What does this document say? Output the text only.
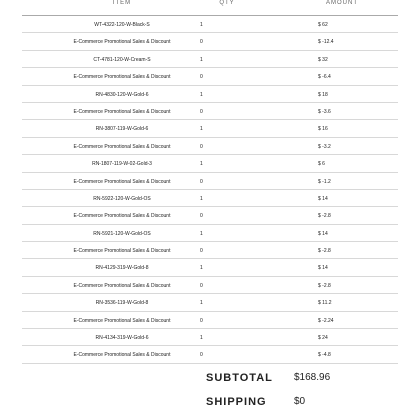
ITEM	QTY	AMOUNT
WT-4322-120-W-Black-S	1	$ 62
E-Commerce Promotional Sales & Discount	0	$ -12.4
CT-4781-120-W-Cream-S	1	$ 32
E-Commerce Promotional Sales & Discount	0	$ -6.4
RN-4830-120-W-Gold-6	1	$ 18
E-Commerce Promotional Sales & Discount	0	$ -3.6
RN-3807-119-W-Gold-6	1	$ 16
E-Commerce Promotional Sales & Discount	0	$ -3.2
RN-1807-119-W-02-Gold-3	1	$ 6
E-Commerce Promotional Sales & Discount	0	$ -1.2
RN-5922-120-W-Gold-OS	1	$ 14
E-Commerce Promotional Sales & Discount	0	$ -2.8
RN-5921-120-W-Gold-OS	1	$ 14
E-Commerce Promotional Sales & Discount	0	$ -2.8
RN-4129-319-W-Gold-8	1	$ 14
E-Commerce Promotional Sales & Discount	0	$ -2.8
RN-3536-119-W-Gold-8	1	$ 11.2
E-Commerce Promotional Sales & Discount	0	$ -2.24
RN-4134-319-W-Gold-6	1	$ 24
E-Commerce Promotional Sales & Discount	0	$ -4.8
SUBTOTAL $168.96
SHIPPING	$0
